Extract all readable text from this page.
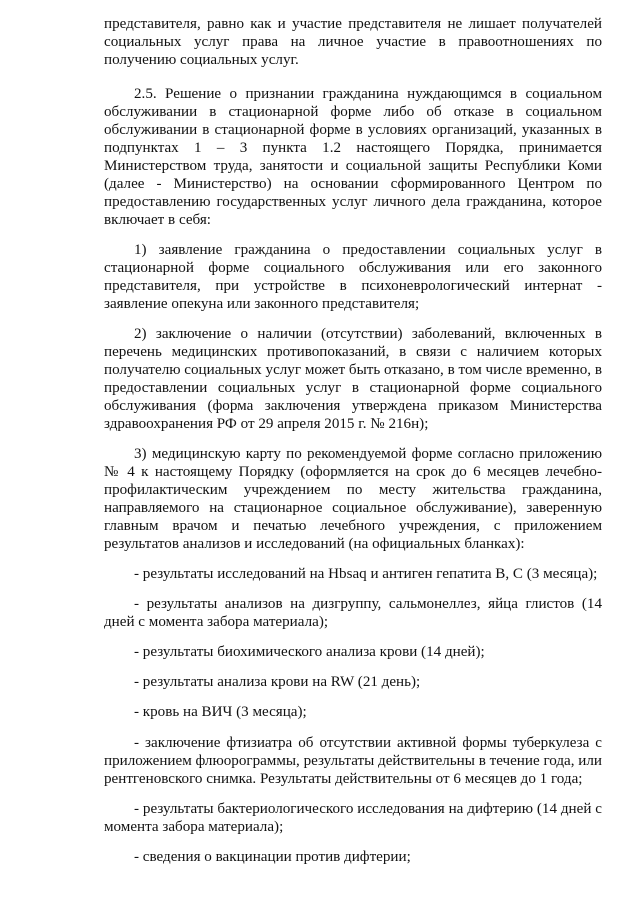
представителя, равно как и участие представителя не лишает получателей социальных услуг права на личное участие в правоотношениях по получению социальных услуг.

2.5. Решение о признании гражданина нуждающимся в социальном обслуживании в стационарной форме либо об отказе в социальном обслуживании в стационарной форме в условиях организаций, указанных в подпунктах 1 – 3 пункта 1.2 настоящего Порядка, принимается Министерством труда, занятости и социальной защиты Республики Коми (далее - Министерство) на основании сформированного Центром по предоставлению государственных услуг личного дела гражданина, которое включает в себя:

1) заявление гражданина о предоставлении социальных услуг в стационарной форме социального обслуживания или его законного представителя, при устройстве в психоневрологический интернат - заявление опекуна или законного представителя;

2) заключение о наличии (отсутствии) заболеваний, включенных в перечень медицинских противопоказаний, в связи с наличием которых получателю социальных услуг может быть отказано, в том числе временно, в предоставлении социальных услуг в стационарной форме социального обслуживания (форма заключения утверждена приказом Министерства здравоохранения РФ от 29 апреля 2015 г. № 216н);

3) медицинскую карту по рекомендуемой форме согласно приложению № 4 к настоящему Порядку (оформляется на срок до 6 месяцев лечебно-профилактическим учреждением по месту жительства гражданина, направляемого на стационарное социальное обслуживание), заверенную главным врачом и печатью лечебного учреждения, с приложением результатов анализов и исследований (на официальных бланках):

- результаты исследований на Hbsaq и антиген гепатита В, С (3 месяца);

- результаты анализов на дизгруппу, сальмонеллез, яйца глистов (14 дней с момента забора материала);

- результаты биохимического анализа крови (14 дней);

- результаты анализа крови на RW (21 день);

- кровь на ВИЧ (3 месяца);

- заключение фтизиатра об отсутствии активной формы туберкулеза с приложением флюорограммы, результаты действительны в течение года, или рентгеновского снимка. Результаты действительны от 6 месяцев до 1 года;

- результаты бактериологического исследования на дифтерию (14 дней с момента забора материала);

- сведения о вакцинации против дифтерии;
